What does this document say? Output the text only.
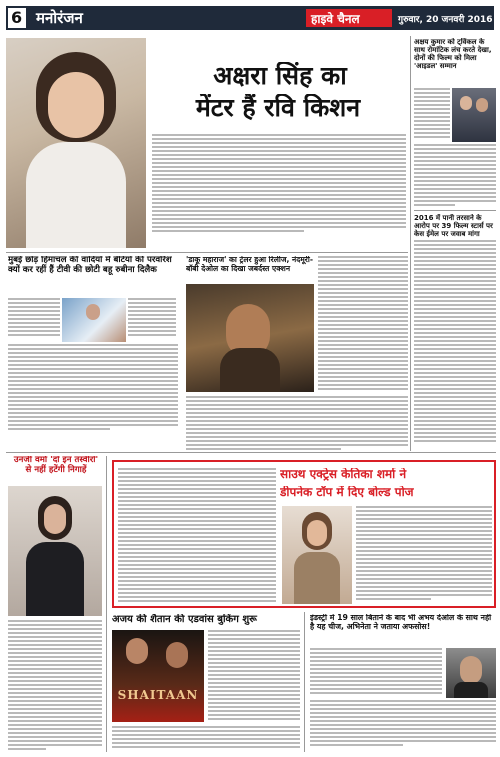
6 मनोरंजन	हाइवे चैनल	गुरुवार, 20 जनवरी 2016
अक्षरा सिंह का
मेंटर हैं रवि किशन
अक्षय कुमार को ट्विंकल के साथ रोमांटिक लंच करते देखा, दोनों की फिल्म को मिला 'आइडल' सम्मान
2016 में पानी तरसाने के आरोप पर 39 फिल्म स्टार्स पर केस ईमेल पर जवाब मांगा
मुंबई छोड़ हिमाचल की वादियों में बेटियों की परवरिश क्यों कर रहीं हैं टीवी की छोटी बहू रुबीना दिलैक
'डाकू महाराज' का ट्रेलर हुआ रिलीज, नंदमूरी-बॉबी देओल का दिखा जबर्दस्त एक्शन
उनजी वर्मा 'दो इन तस्वीरों' से नहीं हटेंगी निगाहें	साउथ एक्ट्रेस केतिका शर्मा ने
डीपनेक टॉप में दिए बोल्ड पोज
अजय की शैतान की एडवांस बुकिंग शुरू
SHAITAAN
इंडस्ट्री में 19 साल बिताने के बाद भी अभय देओल के साथ नहीं है यह चीज, अभिनेता ने जताया अफसोस!
